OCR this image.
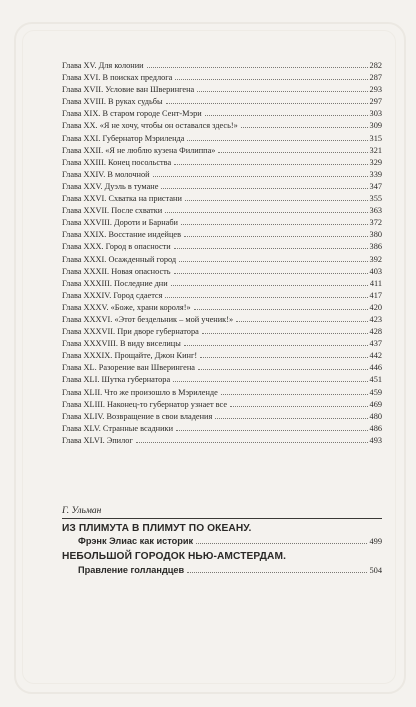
Глава XV. Для колонии	282
Глава XVI. В поисках предлога	287
Глава XVII. Условие ван Шверингена	293
Глава XVIII. В руках судьбы	297
Глава XIX. В старом городе Сент-Мэри	303
Глава XX. «Я не хочу, чтобы он оставался здесь!»	309
Глава XXI. Губернатор Мэриленда	315
Глава XXII. «Я не люблю кузена Филиппа»	321
Глава XXIII. Конец посольства	329
Глава XXIV. В молочной	339
Глава XXV. Дуэль в тумане	347
Глава XXVI. Схватка на пристани	355
Глава XXVII. После схватки	363
Глава XXVIII. Дороти и Барнаби	372
Глава XXIX. Восстание индейцев	380
Глава XXX. Город в опасности	386
Глава XXXI. Осажденный город	392
Глава XXXII. Новая опасность	403
Глава XXXIII. Последние дни	411
Глава XXXIV. Город сдается	417
Глава XXXV. «Боже, храни короля!»	420
Глава XXXVI. «Этот бездельник – мой ученик!»	423
Глава XXXVII. При дворе губернатора	428
Глава XXXVIII. В виду виселицы	437
Глава XXXIX. Прощайте, Джон Кинг!	442
Глава XL. Разорение ван Шверингена	446
Глава XLI. Шутка губернатора	451
Глава XLII. Что же произошло в Мэриленде	459
Глава XLIII. Наконец-то губернатор узнает все	469
Глава XLIV. Возвращение в свои владения	480
Глава XLV. Странные всадники	486
Глава XLVI. Эпилог	493
Г. Ульман
ИЗ ПЛИМУТА В ПЛИМУТ ПО ОКЕАНУ.
Фрэнк Элиас как историк	499
НЕБОЛЬШОЙ ГОРОДОК НЬЮ-АМСТЕРДАМ.
Правление голландцев	504
